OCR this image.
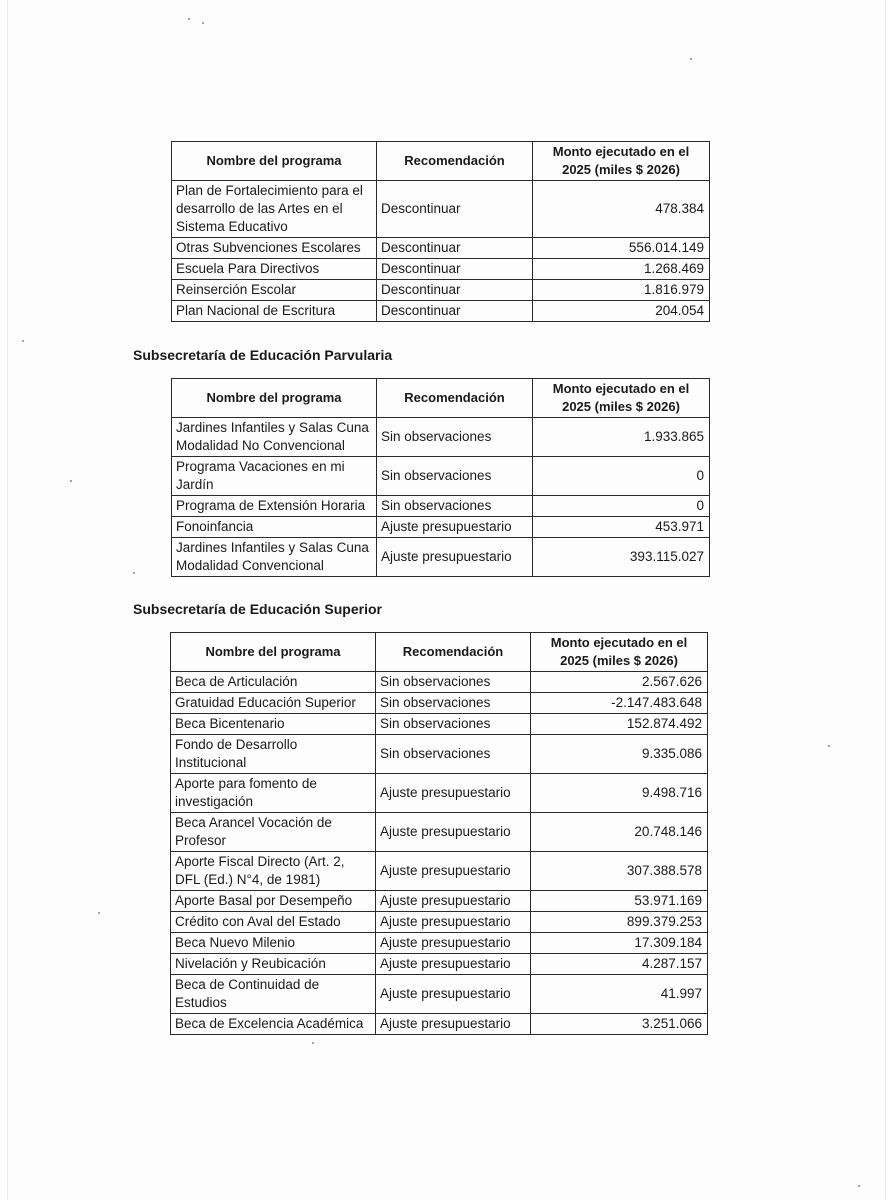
Nombre del programa	Recomendación	Monto ejecutado en el 2025 (miles $ 2026)
Plan de Fortalecimiento para el desarrollo de las Artes en el Sistema Educativo	Descontinuar	478.384
Otras Subvenciones Escolares	Descontinuar	556.014.149
Escuela Para Directivos	Descontinuar	1.268.469
Reinserción Escolar	Descontinuar	1.816.979
Plan Nacional de Escritura	Descontinuar	204.054
Subsecretaría de Educación Parvularia
Nombre del programa	Recomendación	Monto ejecutado en el 2025 (miles $ 2026)
Jardines Infantiles y Salas Cuna Modalidad No Convencional	Sin observaciones	1.933.865
Programa Vacaciones en mi Jardín	Sin observaciones	0
Programa de Extensión Horaria	Sin observaciones	0
Fonoinfancia	Ajuste presupuestario	453.971
Jardines Infantiles y Salas Cuna Modalidad Convencional	Ajuste presupuestario	393.115.027
Subsecretaría de Educación Superior
Nombre del programa	Recomendación	Monto ejecutado en el 2025 (miles $ 2026)
Beca de Articulación	Sin observaciones	2.567.626
Gratuidad Educación Superior	Sin observaciones	-2.147.483.648
Beca Bicentenario	Sin observaciones	152.874.492
Fondo de Desarrollo Institucional	Sin observaciones	9.335.086
Aporte para fomento de investigación	Ajuste presupuestario	9.498.716
Beca Arancel Vocación de Profesor	Ajuste presupuestario	20.748.146
Aporte Fiscal Directo (Art. 2, DFL (Ed.) N°4, de 1981)	Ajuste presupuestario	307.388.578
Aporte Basal por Desempeño	Ajuste presupuestario	53.971.169
Crédito con Aval del Estado	Ajuste presupuestario	899.379.253
Beca Nuevo Milenio	Ajuste presupuestario	17.309.184
Nivelación y Reubicación	Ajuste presupuestario	4.287.157
Beca de Continuidad de Estudios	Ajuste presupuestario	41.997
Beca de Excelencia Académica	Ajuste presupuestario	3.251.066
